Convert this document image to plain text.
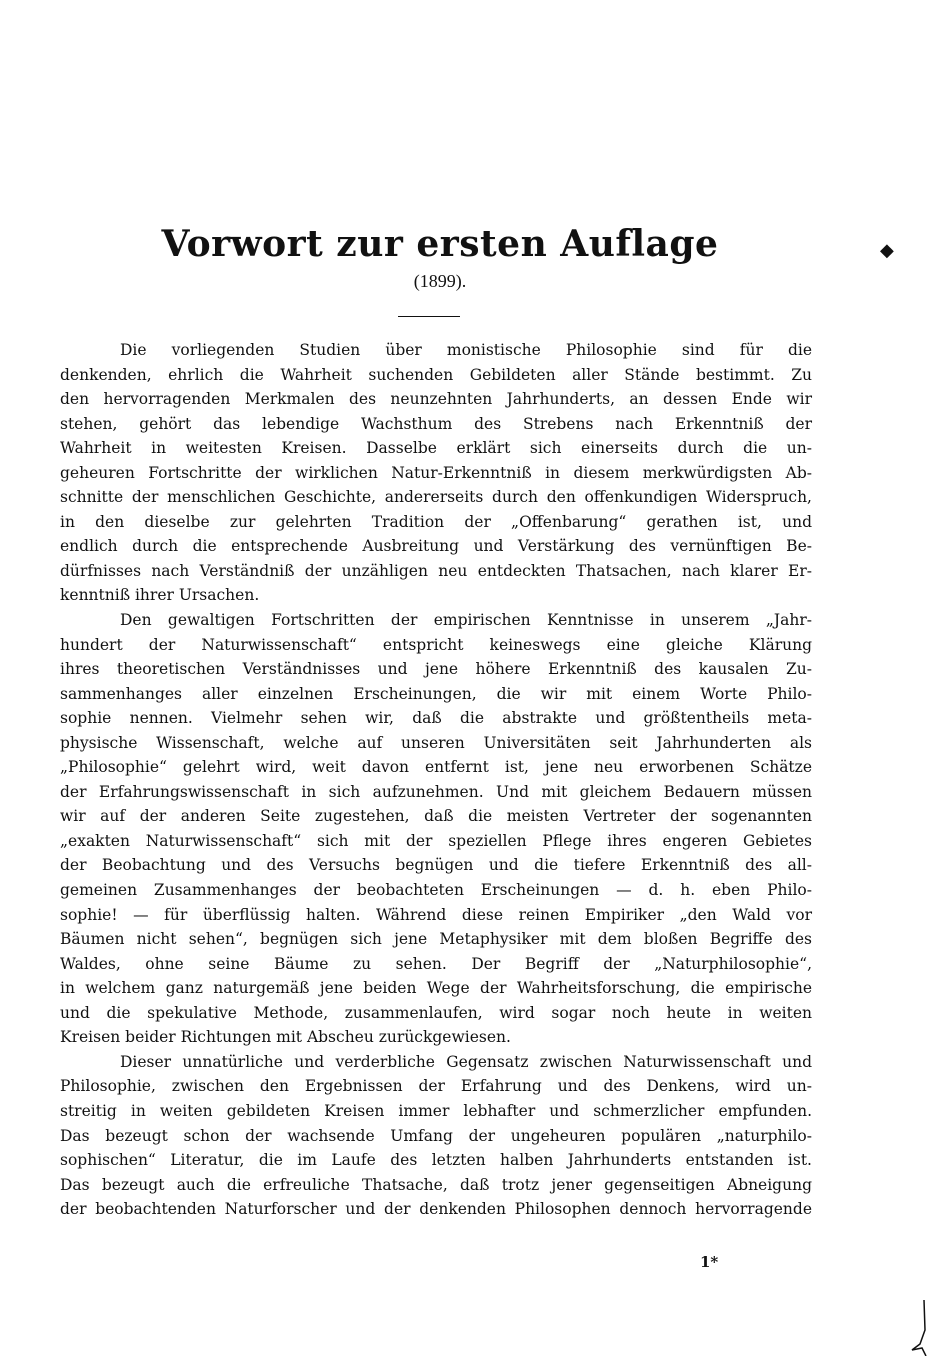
Vorwort zur ersten Auflage
(1899).
◆
Die vorliegenden Studien über monistische Philosophie sind für die
denkenden, ehrlich die Wahrheit suchenden Gebildeten aller Stände bestimmt. Zu
den hervorragenden Merkmalen des neunzehnten Jahrhunderts, an dessen Ende wir
stehen, gehört das lebendige Wachsthum des Strebens nach Erkenntniß der
Wahrheit in weitesten Kreisen. Dasselbe erklärt sich einerseits durch die un-
geheuren Fortschritte der wirklichen Natur-Erkenntniß in diesem merkwürdigsten Ab-
schnitte der menschlichen Geschichte, andererseits durch den offenkundigen Widerspruch,
in den dieselbe zur gelehrten Tradition der „Offenbarung“ gerathen ist, und
endlich durch die entsprechende Ausbreitung und Verstärkung des vernünftigen Be-
dürfnisses nach Verständniß der unzähligen neu entdeckten Thatsachen, nach klarer Er-
kenntniß ihrer Ursachen.
Den gewaltigen Fortschritten der empirischen Kenntnisse in unserem „Jahr-
hundert der Naturwissenschaft“ entspricht keineswegs eine gleiche Klärung
ihres theoretischen Verständnisses und jene höhere Erkenntniß des kausalen Zu-
sammenhanges aller einzelnen Erscheinungen, die wir mit einem Worte Philo-
sophie nennen. Vielmehr sehen wir, daß die abstrakte und größtentheils meta-
physische Wissenschaft, welche auf unseren Universitäten seit Jahrhunderten als
„Philosophie“ gelehrt wird, weit davon entfernt ist, jene neu erworbenen Schätze
der Erfahrungswissenschaft in sich aufzunehmen. Und mit gleichem Bedauern müssen
wir auf der anderen Seite zugestehen, daß die meisten Vertreter der sogenannten
„exakten Naturwissenschaft“ sich mit der speziellen Pflege ihres engeren Gebietes
der Beobachtung und des Versuchs begnügen und die tiefere Erkenntniß des all-
gemeinen Zusammenhanges der beobachteten Erscheinungen — d. h. eben Philo-
sophie! — für überflüssig halten. Während diese reinen Empiriker „den Wald vor
Bäumen nicht sehen“, begnügen sich jene Metaphysiker mit dem bloßen Begriffe des
Waldes, ohne seine Bäume zu sehen. Der Begriff der „Naturphilosophie“,
in welchem ganz naturgemäß jene beiden Wege der Wahrheitsforschung, die empirische
und die spekulative Methode, zusammenlaufen, wird sogar noch heute in weiten
Kreisen beider Richtungen mit Abscheu zurückgewiesen.
Dieser unnatürliche und verderbliche Gegensatz zwischen Naturwissenschaft und
Philosophie, zwischen den Ergebnissen der Erfahrung und des Denkens, wird un-
streitig in weiten gebildeten Kreisen immer lebhafter und schmerzlicher empfunden.
Das bezeugt schon der wachsende Umfang der ungeheuren populären „naturphilo-
sophischen“ Literatur, die im Laufe des letzten halben Jahrhunderts entstanden ist.
Das bezeugt auch die erfreuliche Thatsache, daß trotz jener gegenseitigen Abneigung
der beobachtenden Naturforscher und der denkenden Philosophen dennoch hervorragende
1*
